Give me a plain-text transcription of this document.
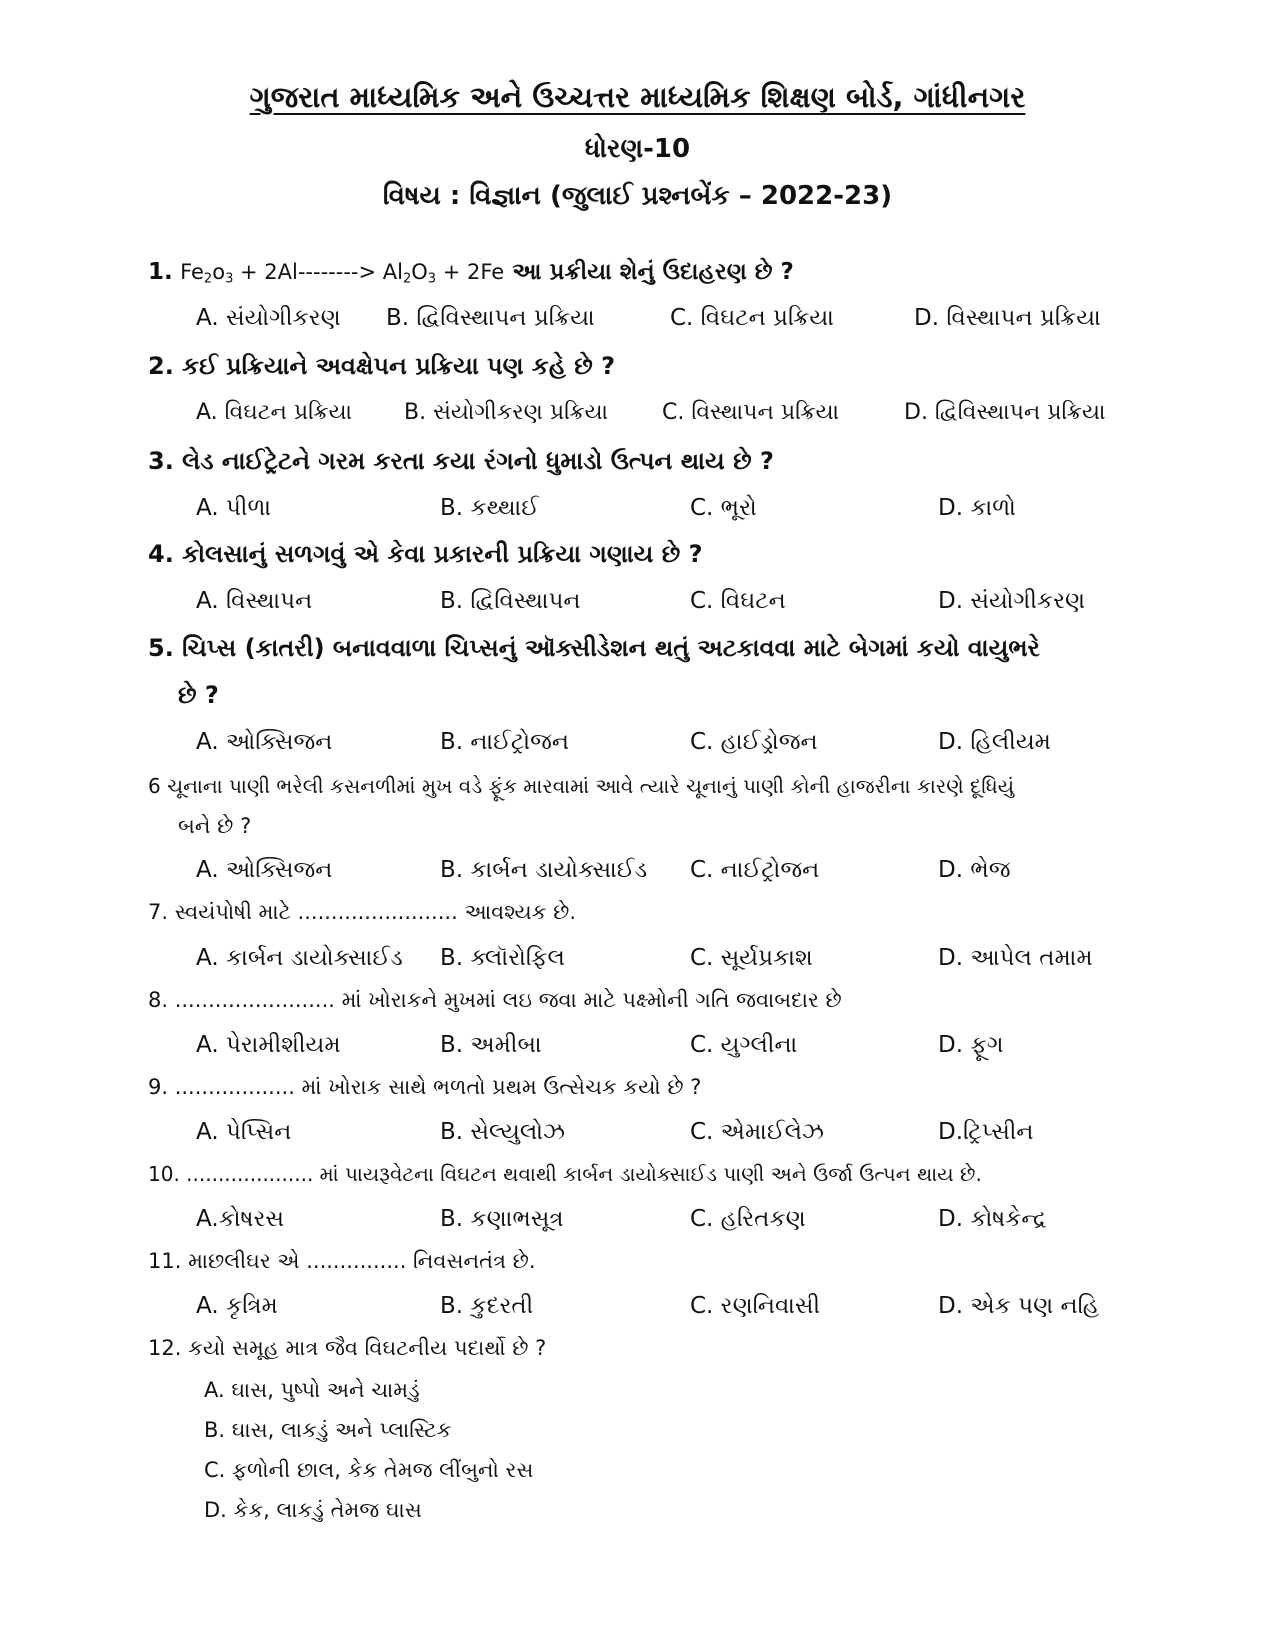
ગુજરાત માધ્યમિક અને ઉચ્ચત્તર માધ્યમિક શિક્ષણ બોર્ડ, ગાંધીનગર
ધોરણ-10
વિષય : વિજ્ઞાન (જુલાઈ પ્રશ્નબેંક – 2022-23)
1. $Fe_2o_3 + 2Al--------> Al_2O_3 + 2Fe$ આ પ્રક્રીયા શેનું ઉદાહરણ છે ?
A. સંયોગીકરણ B. દ્વિવિસ્થાપન પ્રક્રિયા	C. વિઘટન પ્રક્રિયા	D. વિસ્થાપન પ્રક્રિયા
2. કઈ પ્રક્રિયાને અવક્ષેપન પ્રક્રિયા પણ કહે છે ?
A. વિઘટન પ્રક્રિયા B. સંયોગીકરણ પ્રક્રિયા C. વિસ્થાપન પ્રક્રિયા	D. દ્વિવિસ્થાપન પ્રક્રિયા
3. લેડ નાઈટ્રેટને ગરમ કરતા કયા રંગનો ધુમાડો ઉત્પન થાય છે ?
A. પીળા	B. કથ્થાઈ	C. ભૂરો	D. કાળો
4. કોલસાનું સળગવું એ કેવા પ્રકારની પ્રક્રિયા ગણાય છે ?
A. વિસ્થાપન	B. દ્વિવિસ્થાપન	C. વિઘટન	D. સંયોગીકરણ
5. ચિપ્સ (કાતરી) બનાવવાળા ચિપ્સનું ઑક્સીડેશન થતું અટકાવવા માટે બેગમાં કયો વાયુભરે
છે ?
A. ઓક્સિજન	B. નાઈટ્રોજન	C. હાઈડ્રોજન	D. હિલીયમ
6 ચૂનાના પાણી ભરેલી કસનળીમાં મુખ વડે ફૂંક મારવામાં આવે ત્યારે ચૂનાનું પાણી કોની હાજરીના કારણે દૂધિયું
બને છે ?
A. ઓક્સિજન	B. કાર્બન ડાયોક્સાઈડ C. નાઈટ્રોજન	D. ભેજ
7. સ્વયંપોષી માટે ........................ આવશ્યક છે.
A. કાર્બન ડાયોક્સાઈડ B. ક્લૉરોફિલ	C. સૂર્યપ્રકાશ	D. આપેલ તમામ
8. ........................ માં ખોરાકને મુખમાં લઇ જવા માટે પક્ષ્મોની ગતિ જવાબદાર છે
A. પેરામીશીયમ	B. અમીબા	C. યુગ્લીના	D. ફૂગ
9. .................. માં ખોરાક સાથે ભળતો પ્રથમ ઉત્સેચક કયો છે ?
A. પેપ્સિન	B. સેલ્યુલોઝ	C. એમાઈલેઝ	D.ટ્રિપ્સીન
10. .................... માં પાયરૂવેટના વિઘટન થવાથી કાર્બન ડાયોક્સાઈડ પાણી અને ઉર્જા ઉત્પન થાય છે.
A.કોષરસ	B. કણાભસૂત્ર	C. હરિતકણ	D. કોષકેન્દ્ર
11. માછલીઘર એ ............... નિવસનતંત્ર છે.
A. કૃત્રિમ	B. કુદરતી	C. રણનિવાસી	D. એક પણ નહિ
12. કયો સમૂહ માત્ર જૈવ વિઘટનીય પદાર્થો છે ?
A. ઘાસ, પુષ્પો અને ચામડું
B. ઘાસ, લાકડું અને પ્લાસ્ટિક
C. ફળોની છાલ, કેક તેમજ લીંબુનો રસ
D. કેક, લાકડું તેમજ ઘાસ
